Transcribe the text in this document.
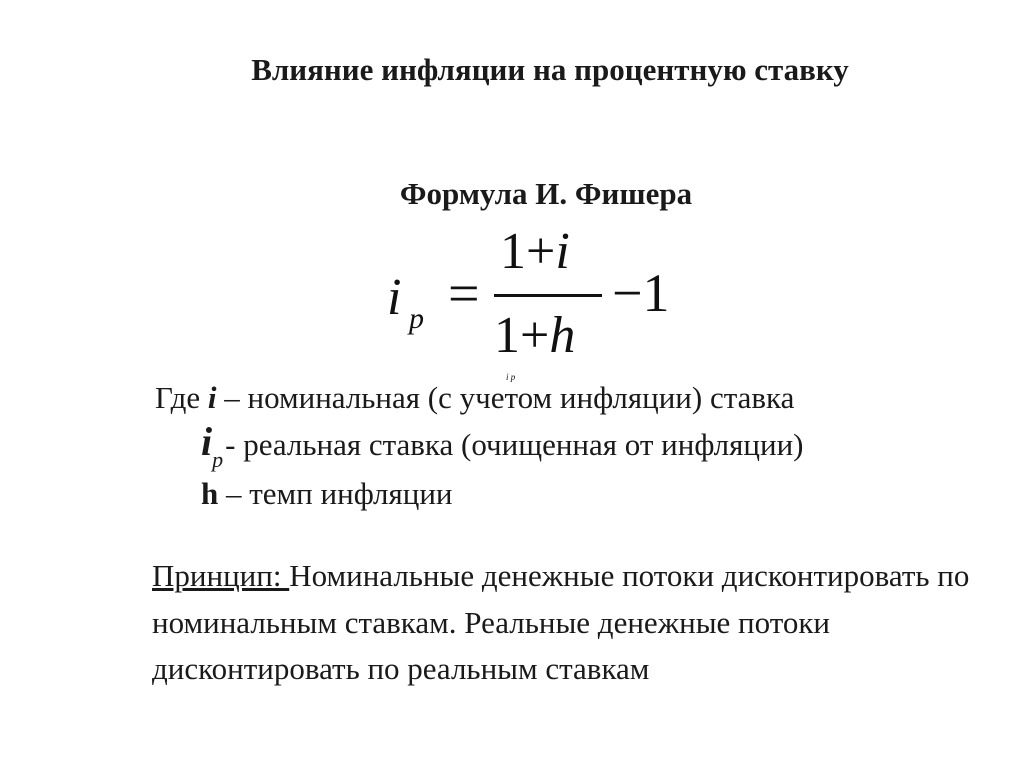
Влияние инфляции на процентную ставку
Формула И. Фишера
i p =
1+i
1+h
−1
i p
Где i – номинальная (с учетом инфляции) ставка
$i_p-$ реальная ставка (очищенная от инфляции)
h – темп инфляции
Принцип: Номинальные денежные потоки дисконтировать по номинальным ставкам. Реальные денежные потоки дисконтировать по реальным ставкам
